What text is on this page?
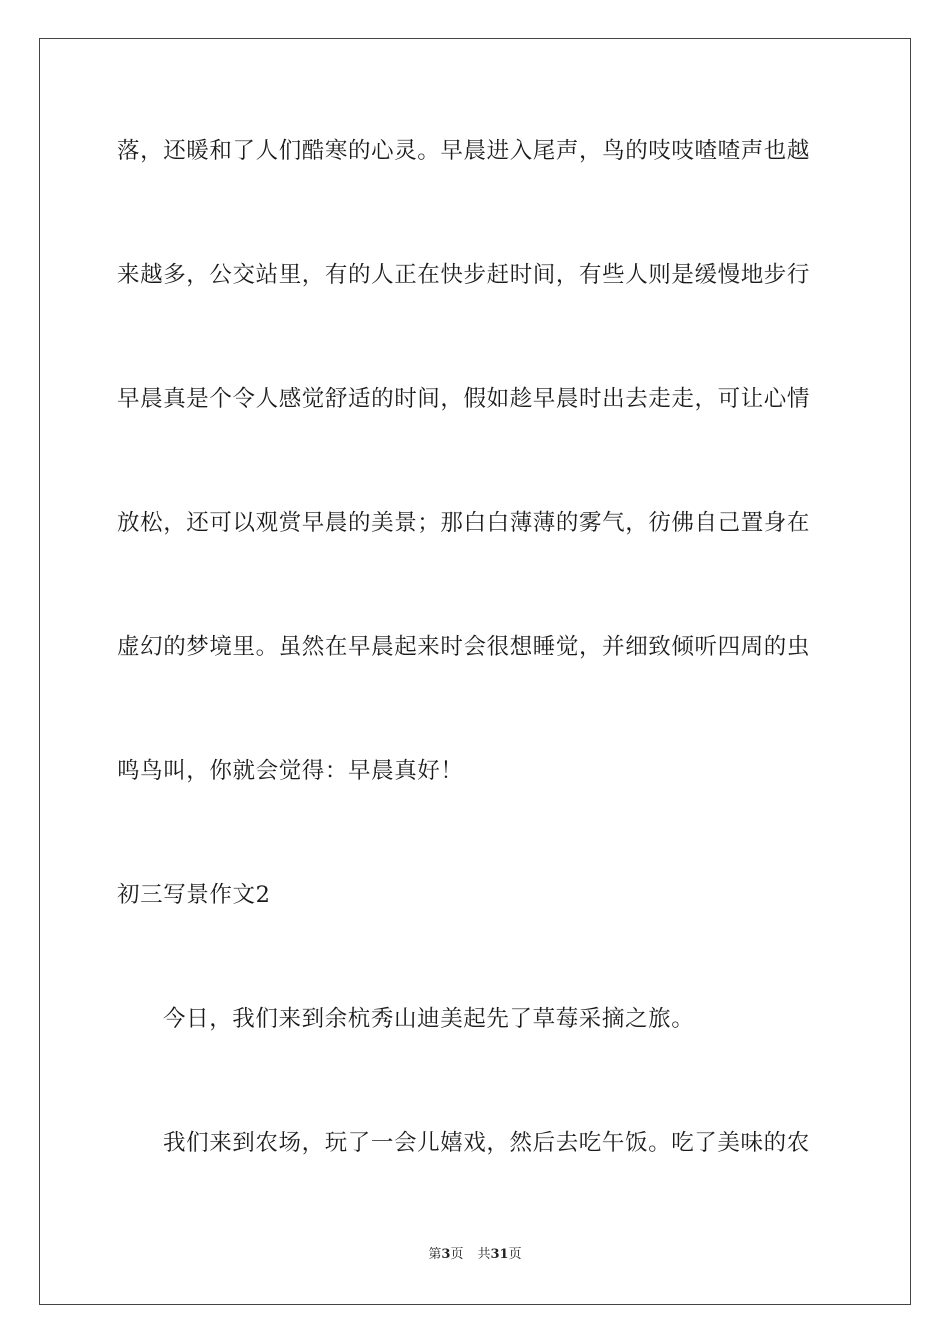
落，还暖和了人们酷寒的心灵。早晨进入尾声，鸟的吱吱喳喳声也越
来越多，公交站里，有的人正在快步赶时间，有些人则是缓慢地步行
早晨真是个令人感觉舒适的时间，假如趁早晨时出去走走，可让心情
放松，还可以观赏早晨的美景；那白白薄薄的雾气，彷佛自己置身在
虚幻的梦境里。虽然在早晨起来时会很想睡觉，并细致倾听四周的虫
鸣鸟叫，你就会觉得：早晨真好！
初三写景作文2
今日，我们来到余杭秀山迪美起先了草莓采摘之旅。
我们来到农场，玩了一会儿嬉戏，然后去吃午饭。吃了美味的农
第3页 共31页
